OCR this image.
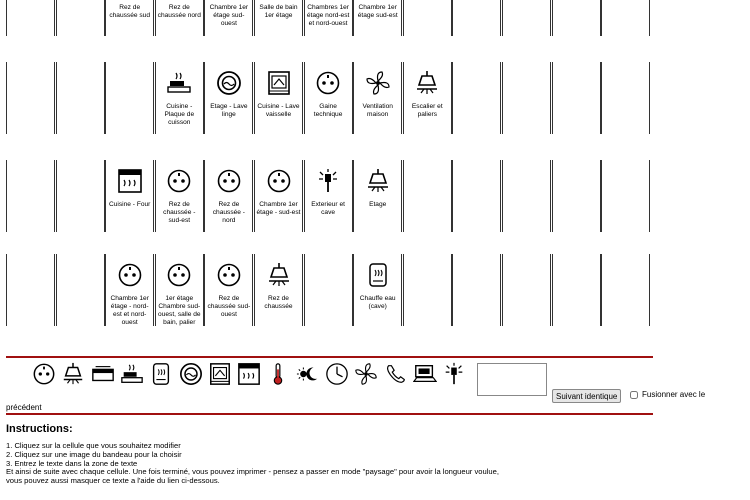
Rez de chaussée sud
Rez de chaussée nord
Chambre 1er étage sud-ouest
Salle de bain 1er étage
Chambres 1er étage nord-est et nord-ouest
Chambre 1er étage sud-est
Cuisine - Plaque de cuisson
Etage - Lave linge
Cuisine - Lave vaisselle
Gaine technique
Ventilation maison
Escalier et paliers
Cuisine - Four	Rez de chaussée - sud-est
Rez de chaussée - nord
Chambre 1er étage - sud-est
Exterieur et cave
Etage
Chambre 1er étage - nord-est et nord-ouest
1er étage Chambre sud-ouest, salle de bain, palier
Rez de chaussée sud-ouest
Rez de chaussée
Chauffe eau (cave)
Suivant identique	Fusionner avec le
précédent
Instructions:
1. Cliquez sur la cellule que vous souhaitez modifier
2. Cliquez sur une image du bandeau pour la choisir
3. Entrez le texte dans la zone de texte
Et ainsi de suite avec chaque cellule. Une fois terminé, vous pouvez imprimer - pensez a passer en mode "paysage" pour avoir la longueur voulue,
vous pouvez aussi masquer ce texte a l'aide du lien ci-dessous.
